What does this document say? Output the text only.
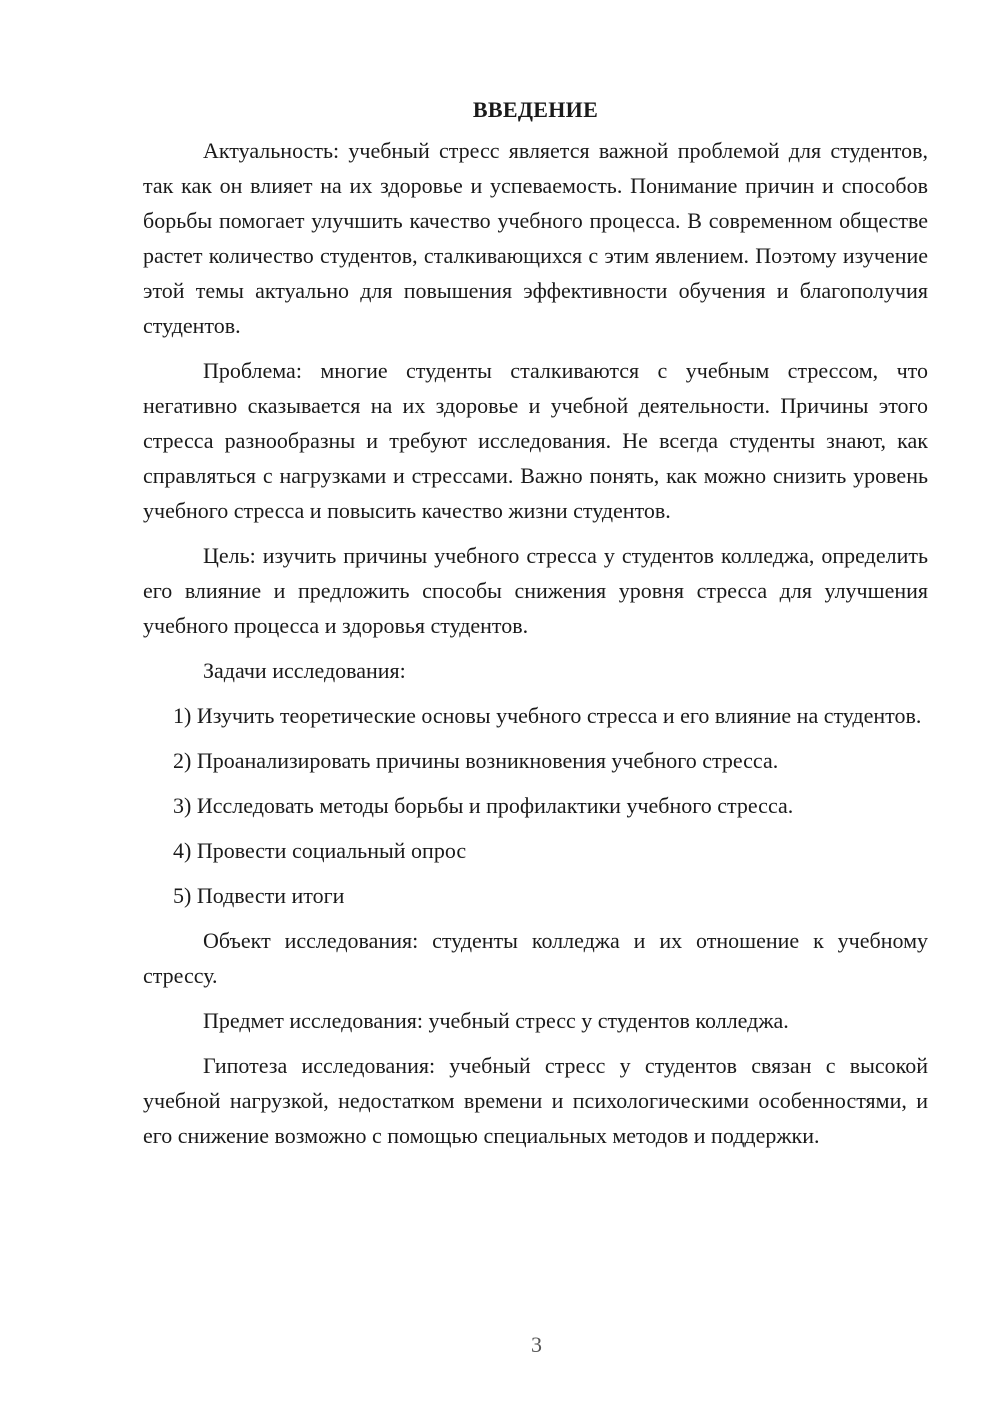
ВВЕДЕНИЕ

Актуальность: учебный стресс является важной проблемой для студентов, так как он влияет на их здоровье и успеваемость. Понимание причин и способов борьбы помогает улучшить качество учебного процесса. В современном обществе растет количество студентов, сталкивающихся с этим явлением. Поэтому изучение этой темы актуально для повышения эффективности обучения и благополучия студентов.

Проблема: многие студенты сталкиваются с учебным стрессом, что негативно сказывается на их здоровье и учебной деятельности. Причины этого стресса разнообразны и требуют исследования. Не всегда студенты знают, как справляться с нагрузками и стрессами. Важно понять, как можно снизить уровень учебного стресса и повысить качество жизни студентов.

Цель: изучить причины учебного стресса у студентов колледжа, определить его влияние и предложить способы снижения уровня стресса для улучшения учебного процесса и здоровья студентов.

Задачи исследования:

1) Изучить теоретические основы учебного стресса и его влияние на студентов.

2) Проанализировать причины возникновения учебного стресса.

3) Исследовать методы борьбы и профилактики учебного стресса.

4) Провести социальный опрос

5) Подвести итоги

Объект исследования: студенты колледжа и их отношение к учебному стрессу.

Предмет исследования: учебный стресс у студентов колледжа.

Гипотеза исследования: учебный стресс у студентов связан с высокой учебной нагрузкой, недостатком времени и психологическими особенностями, и его снижение возможно с помощью специальных методов и поддержки.

3
